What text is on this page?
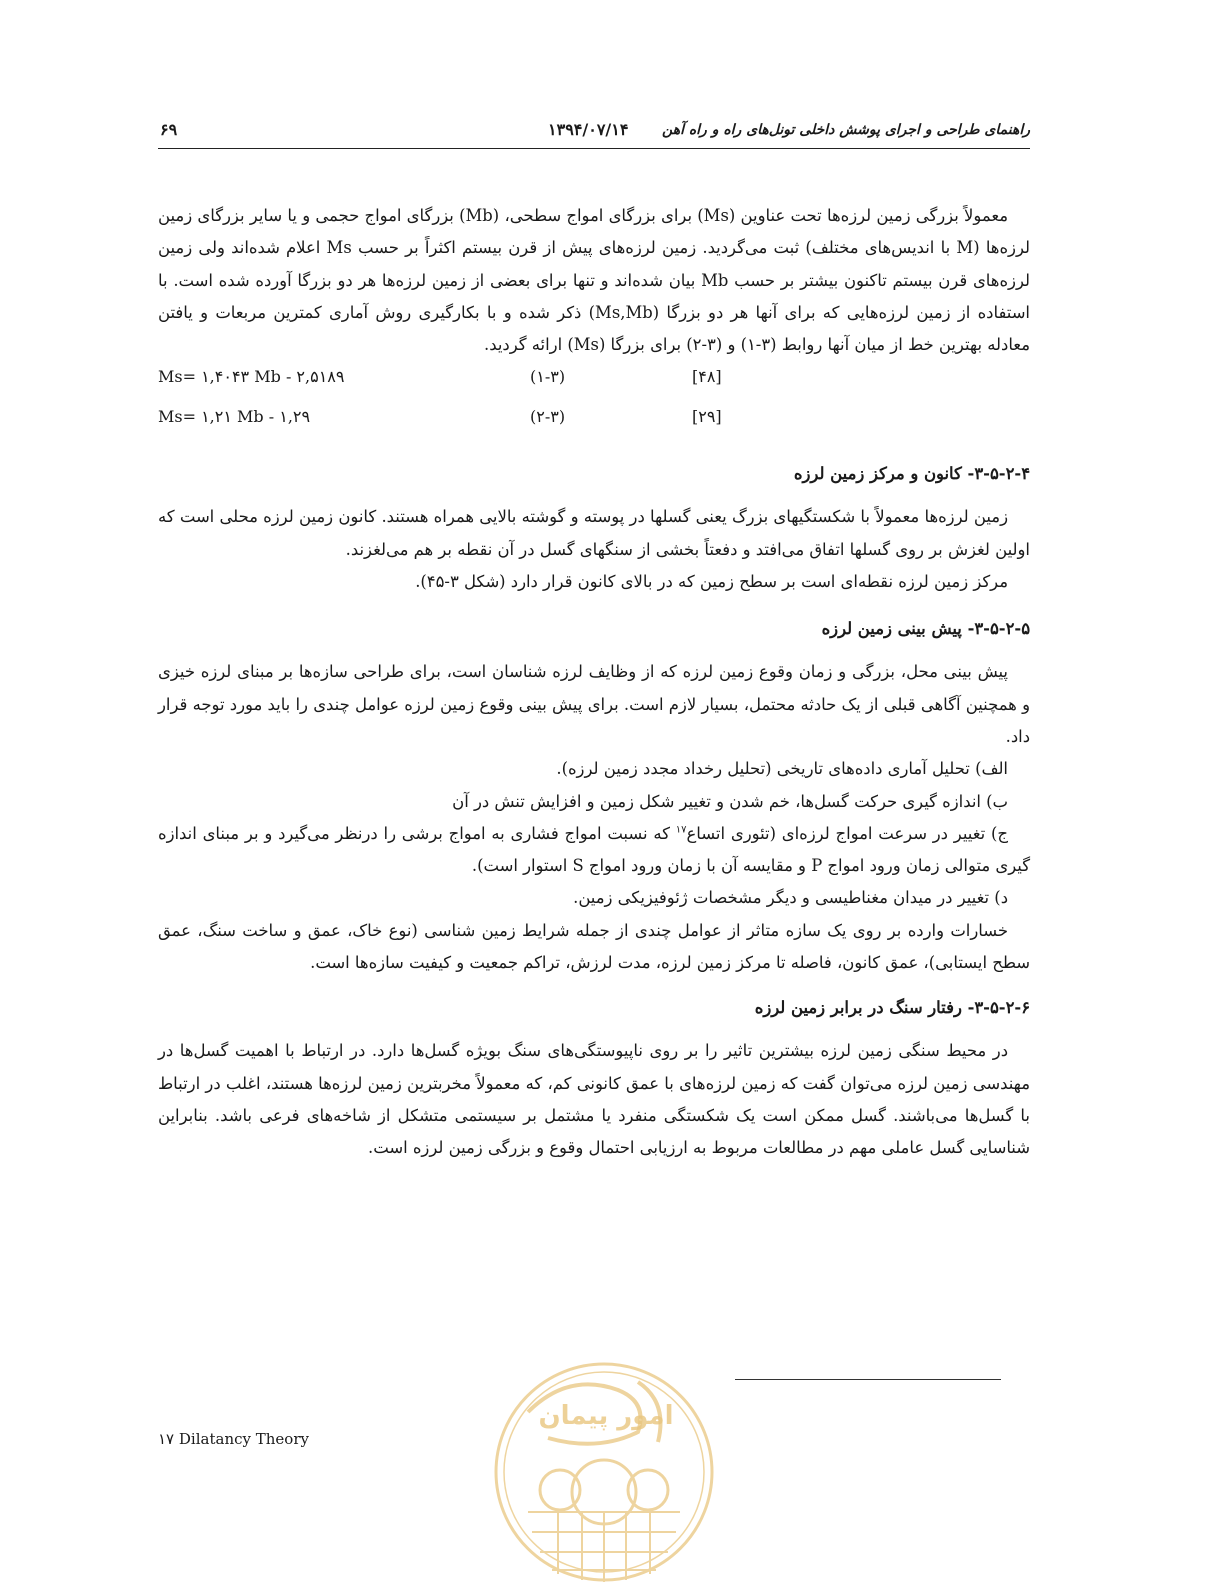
راهنمای طراحی و اجرای پوشش داخلی تونل‌های راه و راه آهن
۱۳۹۴/۰۷/۱۴
۶۹

معمولاً بزرگی زمین لرزه‌ها تحت عناوین (Ms) برای بزرگای امواج سطحی، (Mb) بزرگای امواج حجمی و یا سایر بزرگای زمین لرزه‌ها (M با اندیس‌های مختلف) ثبت می‌گردید. زمین لرزه‌های پیش از قرن بیستم اکثراً بر حسب Ms اعلام شده‌اند ولی زمین لرزه‌های قرن بیستم تاکنون بیشتر بر حسب Mb بیان شده‌اند و تنها برای بعضی از زمین لرزه‌ها هر دو بزرگا آورده شده است. با استفاده از زمین لرزه‌هایی که برای آنها هر دو بزرگا (Ms,Mb) ذکر شده و با بکارگیری روش آماری کمترین مربعات و یافتن معادله بهترین خط از میان آنها روابط (۳-۱) و (۳-۲) برای بزرگا (Ms) ارائه گردید.

Ms= ۱,۴۰۴۳ Mb - ۲,۵۱۸۹	(۱-۳)	[۴۸]
Ms= ۱,۲۱ Mb - ۱,۲۹	(۲-۳)	[۲۹]
۳-۵-۲-۴- کانون و مرکز زمین لرزه

زمین لرزه‌ها معمولاً با شکستگیهای بزرگ یعنی گسلها در پوسته و گوشته بالایی همراه هستند. کانون زمین لرزه محلی است که اولین لغزش بر روی گسلها اتفاق می‌افتد و دفعتاً بخشی از سنگهای گسل در آن نقطه بر هم می‌لغزند.

مرکز زمین لرزه نقطه‌ای است بر سطح زمین که در بالای کانون قرار دارد (شکل ۳-۴۵).

۳-۵-۲-۵- پیش بینی زمین لرزه

پیش بینی محل، بزرگی و زمان وقوع زمین لرزه که از وظایف لرزه شناسان است، برای طراحی سازه‌ها بر مبنای لرزه خیزی و همچنین آگاهی قبلی از یک حادثه محتمل، بسیار لازم است. برای پیش بینی وقوع زمین لرزه عوامل چندی را باید مورد توجه قرار داد.

الف) تحلیل آماری داده‌های تاریخی (تحلیل رخداد مجدد زمین لرزه).

ب) اندازه گیری حرکت گسل‌ها، خم شدن و تغییر شکل زمین و افزایش تنش در آن

ج) تغییر در سرعت امواج لرزه‌ای (تئوری اتساع$^{۱۷}$ که نسبت امواج فشاری به امواج برشی را درنظر می‌گیرد و بر مبنای اندازه گیری متوالی زمان ورود امواج P و مقایسه آن با زمان ورود امواج S استوار است).

د) تغییر در میدان مغناطیسی و دیگر مشخصات ژئوفیزیکی زمین.

خسارات وارده بر روی یک سازه متاثر از عوامل چندی از جمله شرایط زمین شناسی (نوع خاک، عمق و ساخت سنگ، عمق سطح ایستابی)، عمق کانون، فاصله تا مرکز زمین لرزه، مدت لرزش، تراکم جمعیت و کیفیت سازه‌ها است.

۳-۵-۲-۶- رفتار سنگ در برابر زمین لرزه

در محیط سنگی زمین لرزه بیشترین تاثیر را بر روی ناپیوستگی‌های سنگ بویژه گسل‌ها دارد. در ارتباط با اهمیت گسل‌ها در مهندسی زمین لرزه می‌توان گفت که زمین لرزه‌های با عمق کانونی کم، که معمولاً مخربترین زمین لرزه‌ها هستند، اغلب در ارتباط با گسل‌ها می‌باشند. گسل ممکن است یک شکستگی منفرد یا مشتمل بر سیستمی متشکل از شاخه‌های فرعی باشد. بنابراین شناسایی گسل عاملی مهم در مطالعات مربوط به ارزیابی احتمال وقوع و بزرگی زمین لرزه است.

۱۷ Dilatancy Theory
امور پیمان
